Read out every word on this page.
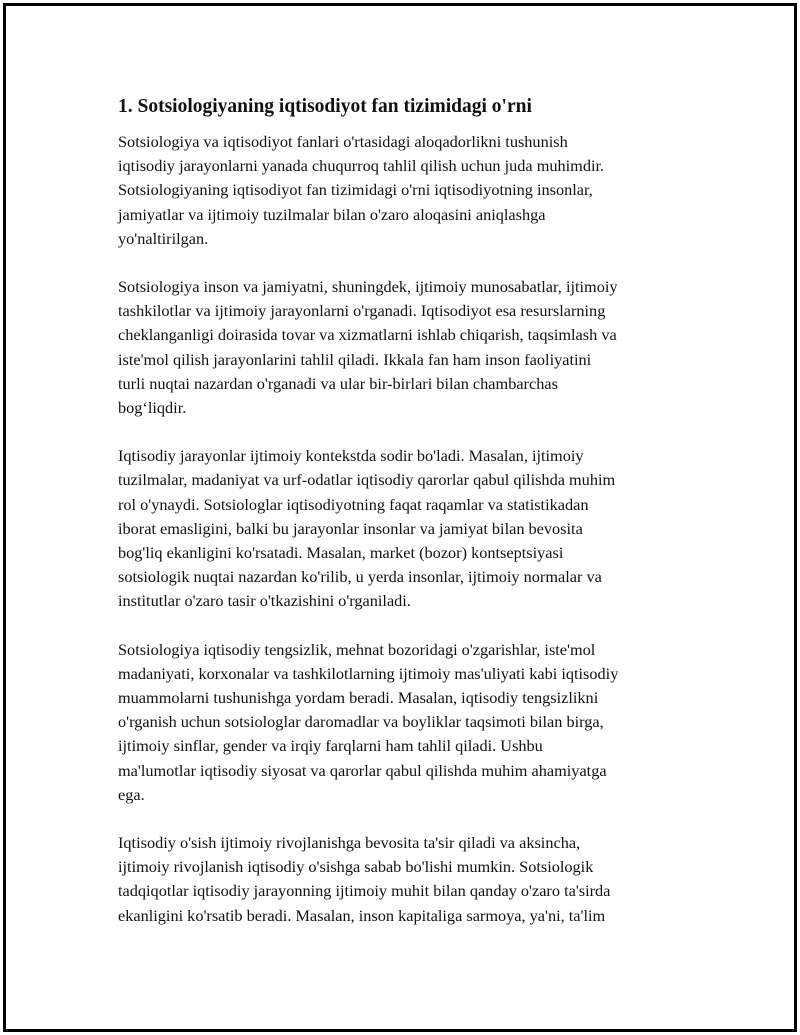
1. Sotsiologiyaning iqtisodiyot fan tizimidagi o'rni
Sotsiologiya va iqtisodiyot fanlari o'rtasidagi aloqadorlikni tushunish
iqtisodiy jarayonlarni yanada chuqurroq tahlil qilish uchun juda muhimdir.
Sotsiologiyaning iqtisodiyot fan tizimidagi o'rni iqtisodiyotning insonlar,
jamiyatlar va ijtimoiy tuzilmalar bilan o'zaro aloqasini aniqlashga
yo'naltirilgan.
Sotsiologiya inson va jamiyatni, shuningdek, ijtimoiy munosabatlar, ijtimoiy
tashkilotlar va ijtimoiy jarayonlarni o'rganadi. Iqtisodiyot esa resurslarning
cheklanganligi doirasida tovar va xizmatlarni ishlab chiqarish, taqsimlash va
iste'mol qilish jarayonlarini tahlil qiladi. Ikkala fan ham inson faoliyatini
turli nuqtai nazardan o'rganadi va ular bir-birlari bilan chambarchas
bog‘liqdir.
Iqtisodiy jarayonlar ijtimoiy kontekstda sodir bo'ladi. Masalan, ijtimoiy
tuzilmalar, madaniyat va urf-odatlar iqtisodiy qarorlar qabul qilishda muhim
rol o'ynaydi. Sotsiologlar iqtisodiyotning faqat raqamlar va statistikadan
iborat emasligini, balki bu jarayonlar insonlar va jamiyat bilan bevosita
bog'liq ekanligini ko'rsatadi. Masalan, market (bozor) kontseptsiyasi
sotsiologik nuqtai nazardan ko'rilib, u yerda insonlar, ijtimoiy normalar va
institutlar o'zaro tasir o'tkazishini o'rganiladi.
Sotsiologiya iqtisodiy tengsizlik, mehnat bozoridagi o'zgarishlar, iste'mol
madaniyati, korxonalar va tashkilotlarning ijtimoiy mas'uliyati kabi iqtisodiy
muammolarni tushunishga yordam beradi. Masalan, iqtisodiy tengsizlikni
o'rganish uchun sotsiologlar daromadlar va boyliklar taqsimoti bilan birga,
ijtimoiy sinflar, gender va irqiy farqlarni ham tahlil qiladi. Ushbu
ma'lumotlar iqtisodiy siyosat va qarorlar qabul qilishda muhim ahamiyatga
ega.
Iqtisodiy o'sish ijtimoiy rivojlanishga bevosita ta'sir qiladi va aksincha,
ijtimoiy rivojlanish iqtisodiy o'sishga sabab bo'lishi mumkin. Sotsiologik
tadqiqotlar iqtisodiy jarayonning ijtimoiy muhit bilan qanday o'zaro ta'sirda
ekanligini ko'rsatib beradi. Masalan, inson kapitaliga sarmoya, ya'ni, ta'lim
